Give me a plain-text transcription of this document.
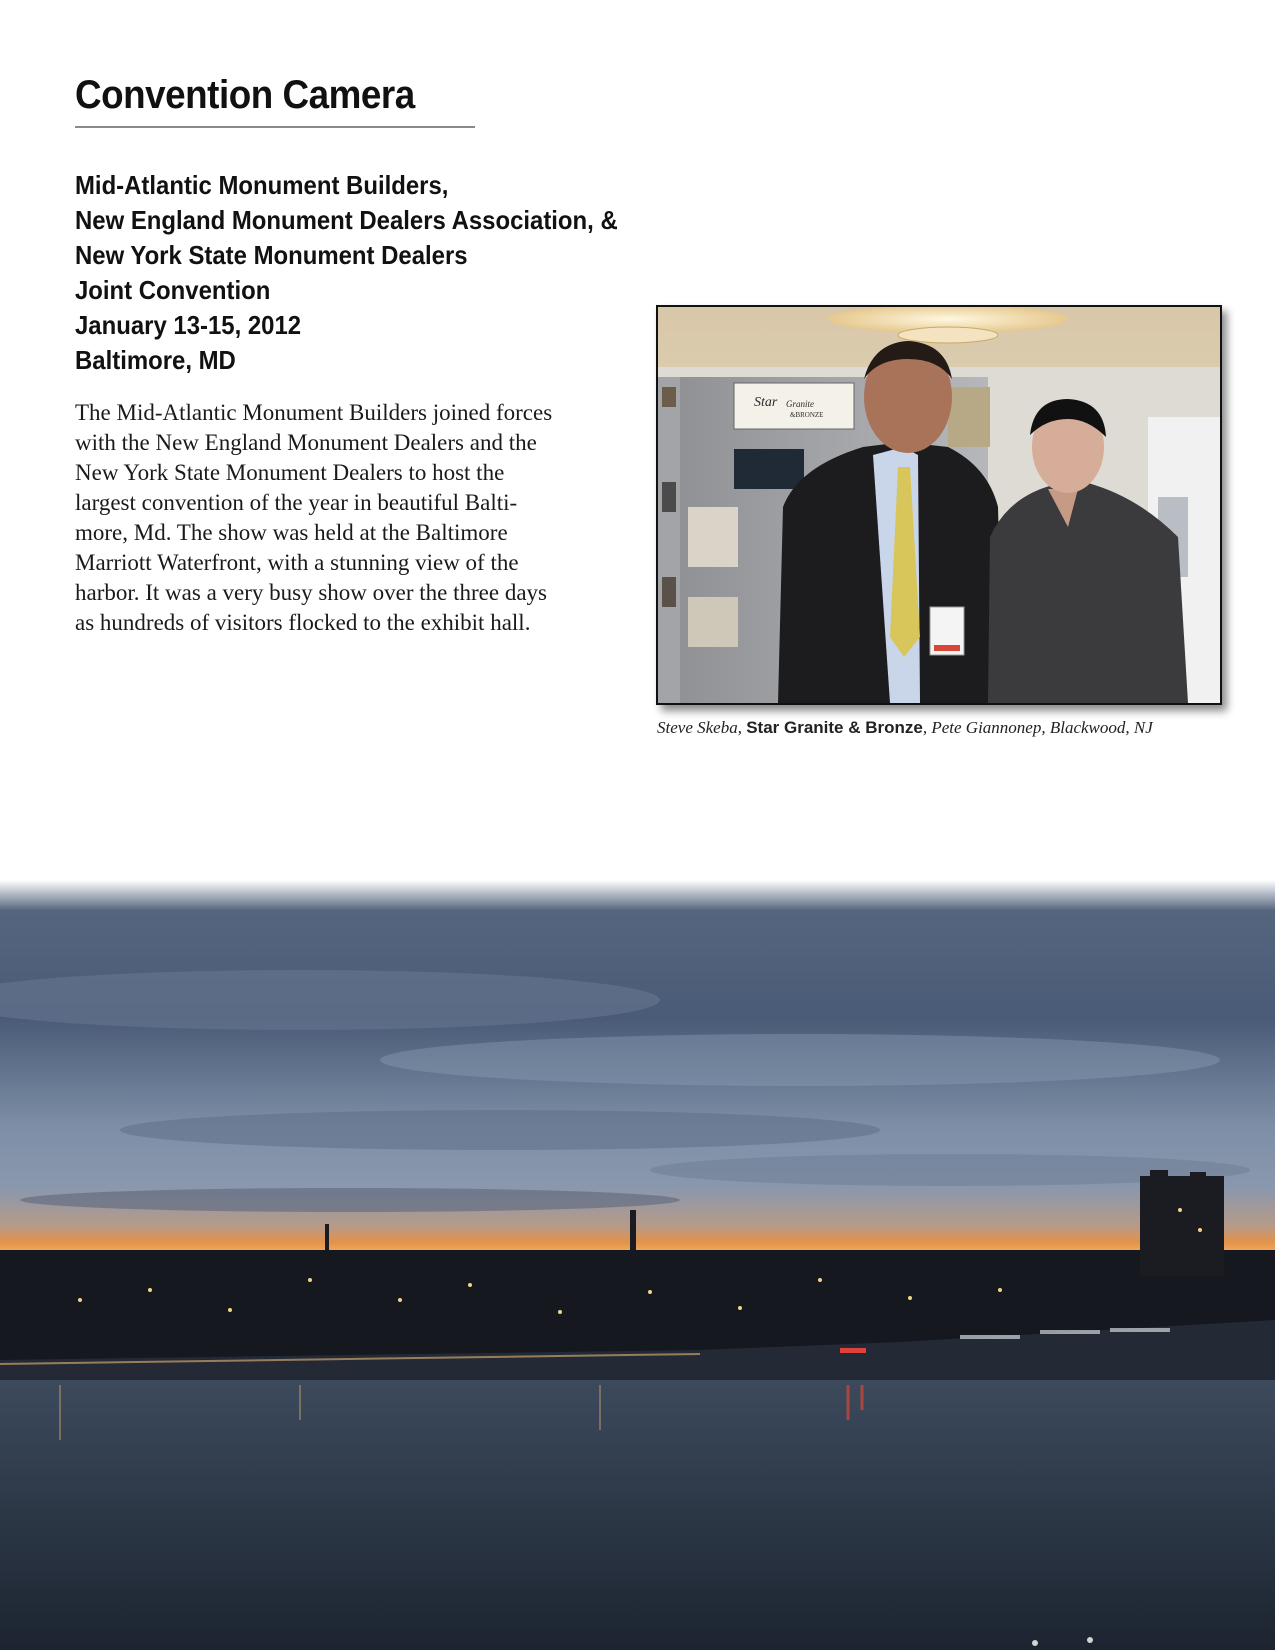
Convention Camera
Mid-Atlantic Monument Builders,
New England Monument Dealers Association, &
New York State Monument Dealers
Joint Convention
January 13-15, 2012
Baltimore, MD
The Mid-Atlantic Monument Builders joined forces
with the New England Monument Dealers and the
New York State Monument Dealers to host the
largest convention of the year in beautiful Balti-
more, Md. The show was held at the Baltimore
Marriott Waterfront, with a stunning view of the
harbor. It was a very busy show over the three days
as hundreds of visitors flocked to the exhibit hall.
Star Granite
&BRONZE
Steve Skeba, Star Granite & Bronze, Pete Giannonep, Blackwood, NJ
